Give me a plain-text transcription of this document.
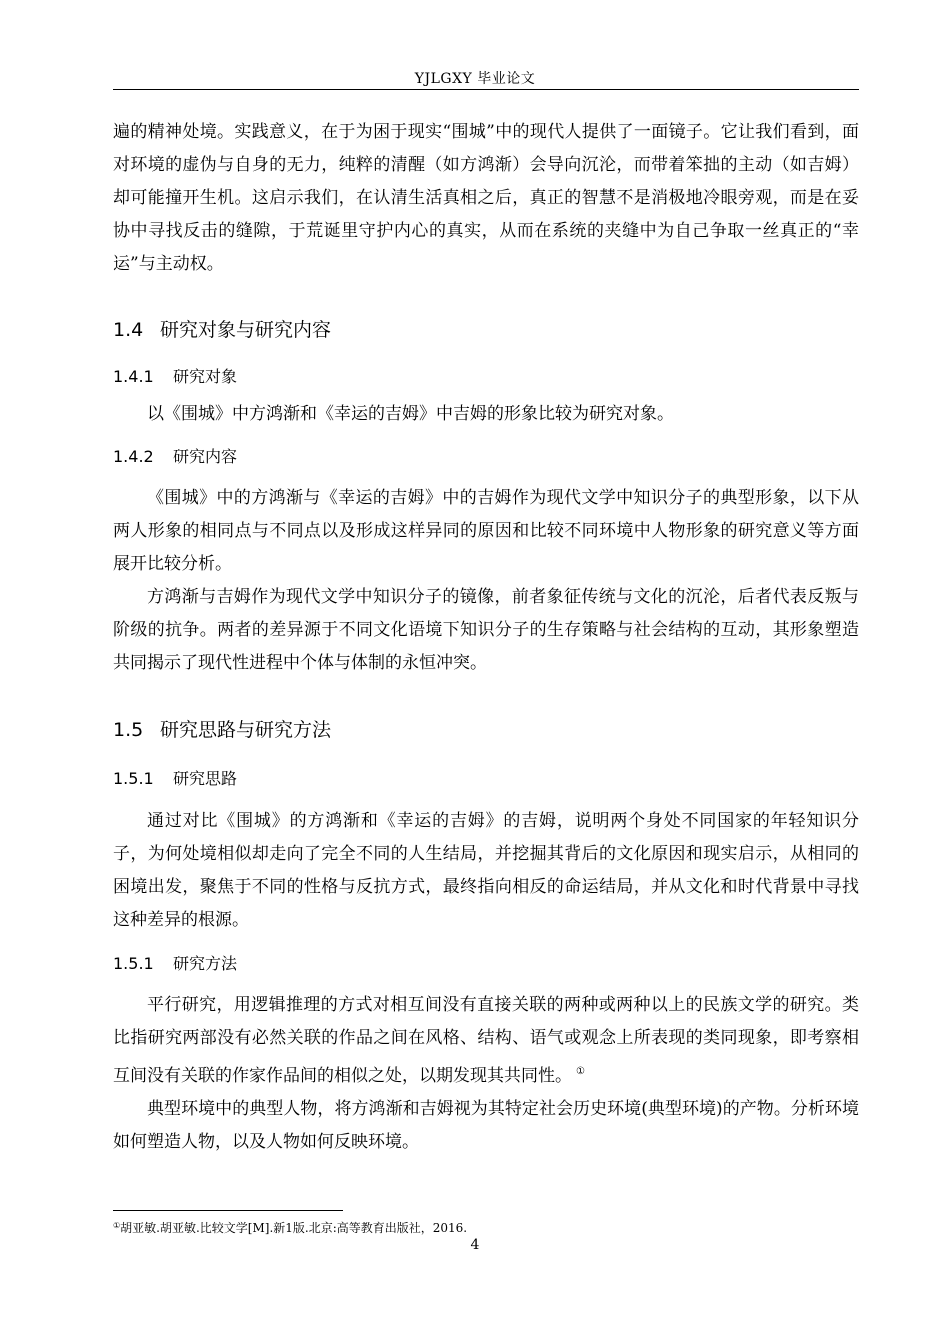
YJLGXY 毕业论文

遍的精神处境。实践意义，在于为困于现实“围城”中的现代人提供了一面镜子。它让我们看到，面对环境的虚伪与自身的无力，纯粹的清醒（如方鸿渐）会导向沉沦，而带着笨拙的主动（如吉姆）却可能撞开生机。这启示我们，在认清生活真相之后，真正的智慧不是消极地冷眼旁观，而是在妥协中寻找反击的缝隙，于荒诞里守护内心的真实，从而在系统的夹缝中为自己争取一丝真正的“幸运”与主动权。

1.4 研究对象与研究内容
1.4.1 研究对象

以《围城》中方鸿渐和《幸运的吉姆》中吉姆的形象比较为研究对象。

1.4.2 研究内容

《围城》中的方鸿渐与《幸运的吉姆》中的吉姆作为现代文学中知识分子的典型形象，以下从两人形象的相同点与不同点以及形成这样异同的原因和比较不同环境中人物形象的研究意义等方面展开比较分析。

方鸿渐与吉姆作为现代文学中知识分子的镜像，前者象征传统与文化的沉沦，后者代表反叛与阶级的抗争。两者的差异源于不同文化语境下知识分子的生存策略与社会结构的互动，其形象塑造共同揭示了现代性进程中个体与体制的永恒冲突。

1.5 研究思路与研究方法
1.5.1 研究思路

通过对比《围城》的方鸿渐和《幸运的吉姆》的吉姆，说明两个身处不同国家的年轻知识分子，为何处境相似却走向了完全不同的人生结局，并挖掘其背后的文化原因和现实启示，从相同的困境出发，聚焦于不同的性格与反抗方式，最终指向相反的命运结局，并从文化和时代背景中寻找这种差异的根源。

1.5.1 研究方法

平行研究，用逻辑推理的方式对相互间没有直接关联的两种或两种以上的民族文学的研究。类比指研究两部没有必然关联的作品之间在风格、结构、语气或观念上所表现的类同现象，即考察相互间没有关联的作家作品间的相似之处，以期发现其共同性。 ①

典型环境中的典型人物，将方鸿渐和吉姆视为其特定社会历史环境(典型环境)的产物。分析环境如何塑造人物，以及人物如何反映环境。

①胡亚敏.胡亚敏.比较文学[M].新1版.北京:高等教育出版社，2016.
4
